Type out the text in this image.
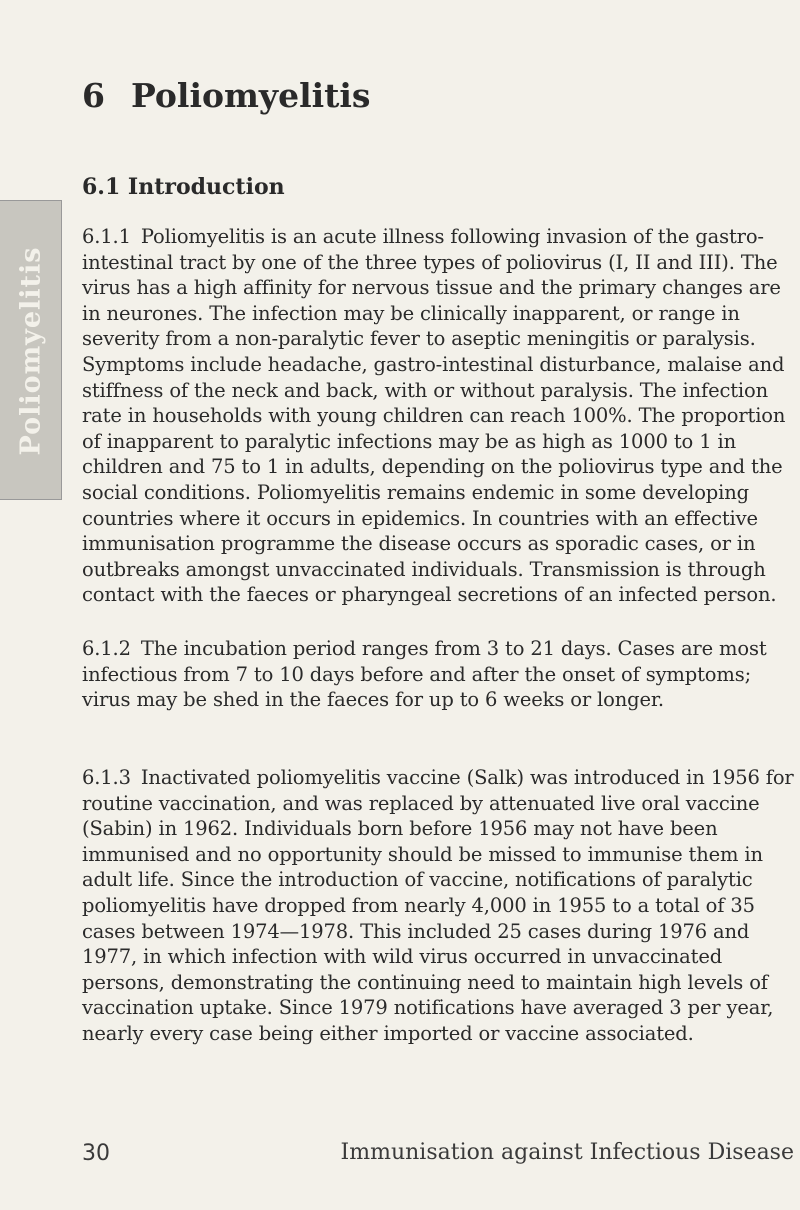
Poliomyelitis
6 Poliomyelitis
6.1 Introduction

6.1.1 Poliomyelitis is an acute illness following invasion of the gastro-intestinal tract by one of the three types of poliovirus (I, II and III). The virus has a high affinity for nervous tissue and the primary changes are in neurones. The infection may be clinically inapparent, or range in severity from a non-paralytic fever to aseptic meningitis or paralysis. Symptoms include headache, gastro-intestinal disturbance, malaise and stiffness of the neck and back, with or without paralysis. The infection rate in households with young children can reach 100%. The proportion of inapparent to paralytic infections may be as high as 1000 to 1 in children and 75 to 1 in adults, depending on the poliovirus type and the social conditions. Poliomyelitis remains endemic in some developing countries where it occurs in epidemics. In countries with an effective immunisation programme the disease occurs as sporadic cases, or in outbreaks amongst unvaccinated individuals. Transmission is through contact with the faeces or pharyngeal secretions of an infected person.

6.1.2 The incubation period ranges from 3 to 21 days. Cases are most infectious from 7 to 10 days before and after the onset of symptoms; virus may be shed in the faeces for up to 6 weeks or longer.

6.1.3 Inactivated poliomyelitis vaccine (Salk) was introduced in 1956 for routine vaccination, and was replaced by attenuated live oral vaccine (Sabin) in 1962. Individuals born before 1956 may not have been immunised and no opportunity should be missed to immunise them in adult life. Since the introduction of vaccine, notifications of paralytic poliomyelitis have dropped from nearly 4,000 in 1955 to a total of 35 cases between 1974—1978. This included 25 cases during 1976 and 1977, in which infection with wild virus occurred in unvaccinated persons, demonstrating the continuing need to maintain high levels of vaccination uptake. Since 1979 notifications have averaged 3 per year, nearly every case being either imported or vaccine associated.

30	Immunisation against Infectious Disease
